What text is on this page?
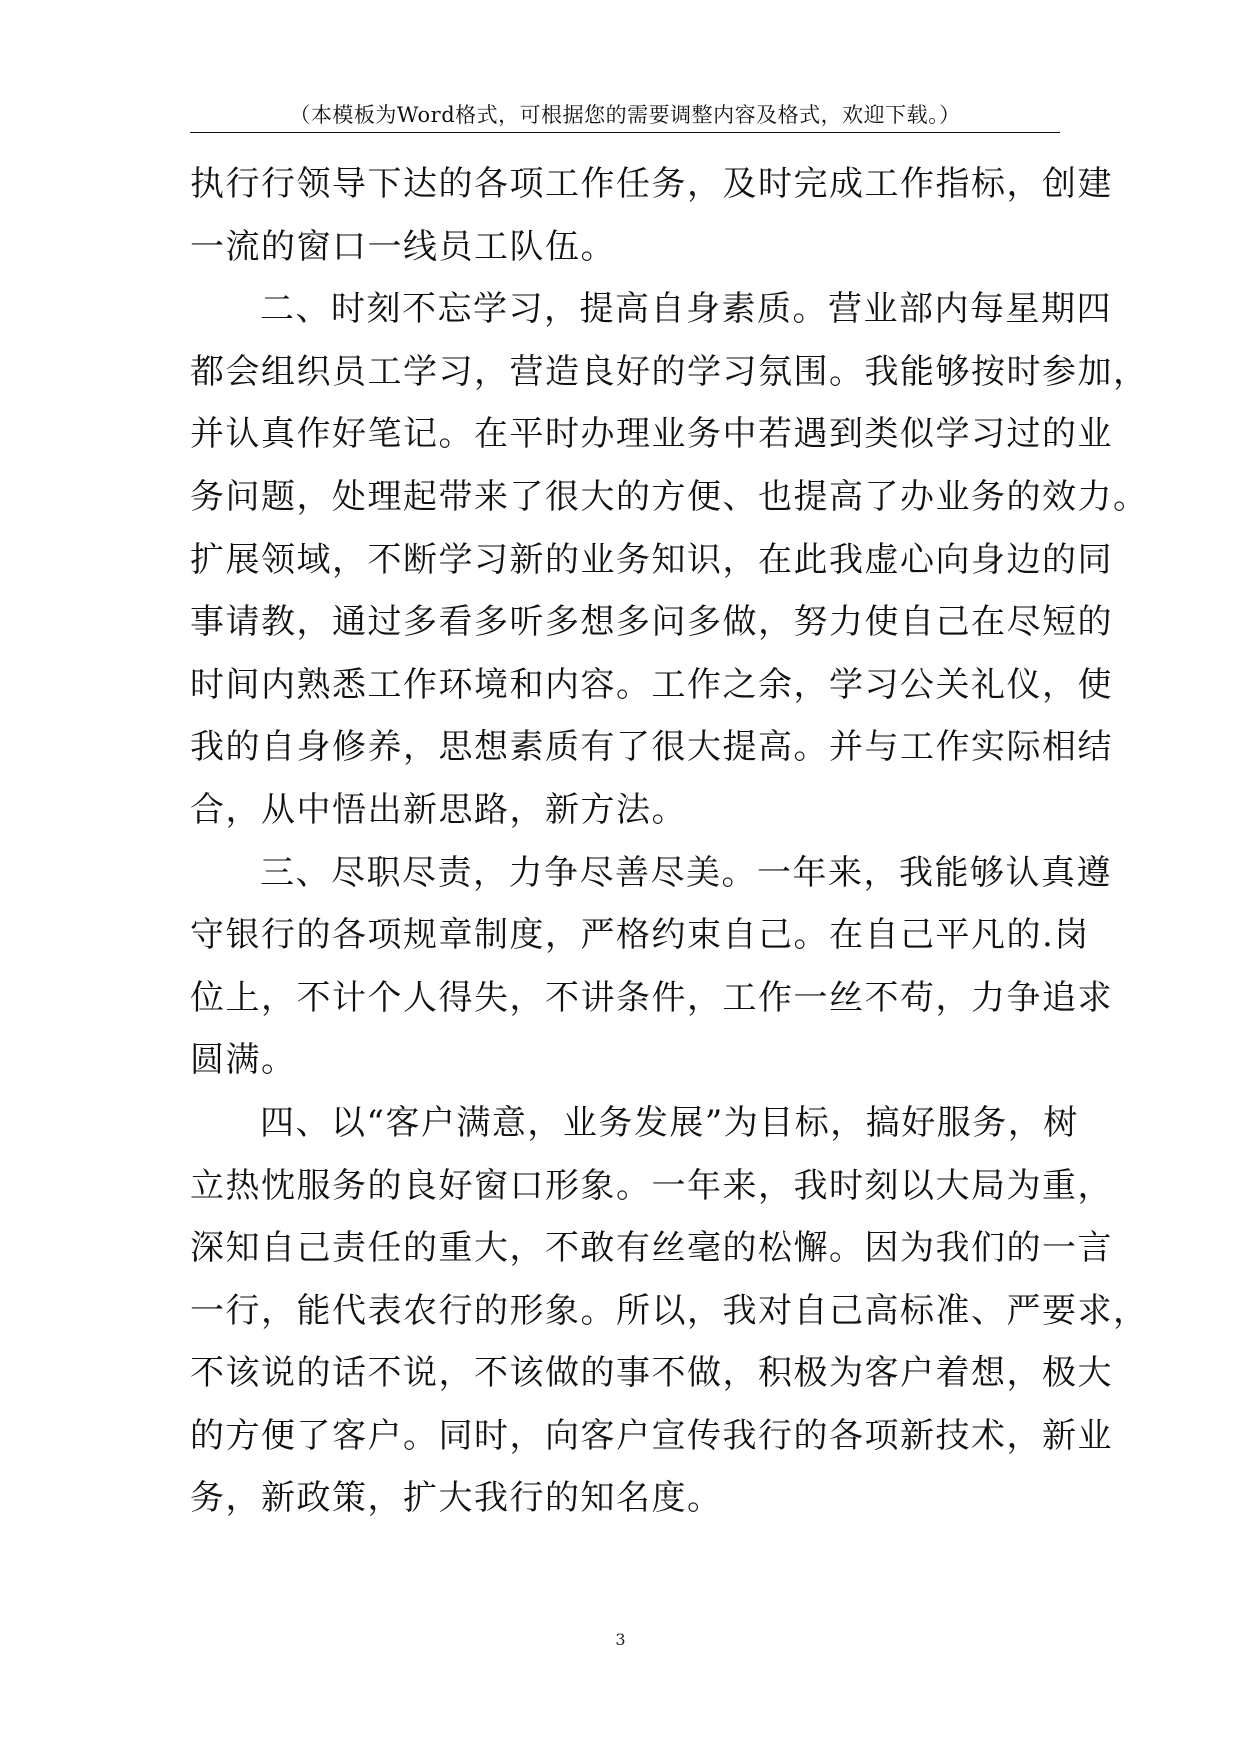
（本模板为Word格式，可根据您的需要调整内容及格式，欢迎下载。）
执行行领导下达的各项工作任务，及时完成工作指标，创建
一流的窗口一线员工队伍。
二、时刻不忘学习，提高自身素质。营业部内每星期四
都会组织员工学习，营造良好的学习氛围。我能够按时参加，
并认真作好笔记。在平时办理业务中若遇到类似学习过的业
务问题，处理起带来了很大的方便、也提高了办业务的效力。
扩展领域，不断学习新的业务知识，在此我虚心向身边的同
事请教，通过多看多听多想多问多做，努力使自己在尽短的
时间内熟悉工作环境和内容。工作之余，学习公关礼仪，使
我的自身修养，思想素质有了很大提高。并与工作实际相结
合，从中悟出新思路，新方法。
三、尽职尽责，力争尽善尽美。一年来，我能够认真遵
守银行的各项规章制度，严格约束自己。在自己平凡的.岗
位上，不计个人得失，不讲条件，工作一丝不苟，力争追求
圆满。
四、以“客户满意，业务发展”为目标，搞好服务，树
立热忱服务的良好窗口形象。一年来，我时刻以大局为重，
深知自己责任的重大，不敢有丝毫的松懈。因为我们的一言
一行，能代表农行的形象。所以，我对自己高标准、严要求，
不该说的话不说，不该做的事不做，积极为客户着想，极大
的方便了客户。同时，向客户宣传我行的各项新技术，新业
务，新政策，扩大我行的知名度。
3
